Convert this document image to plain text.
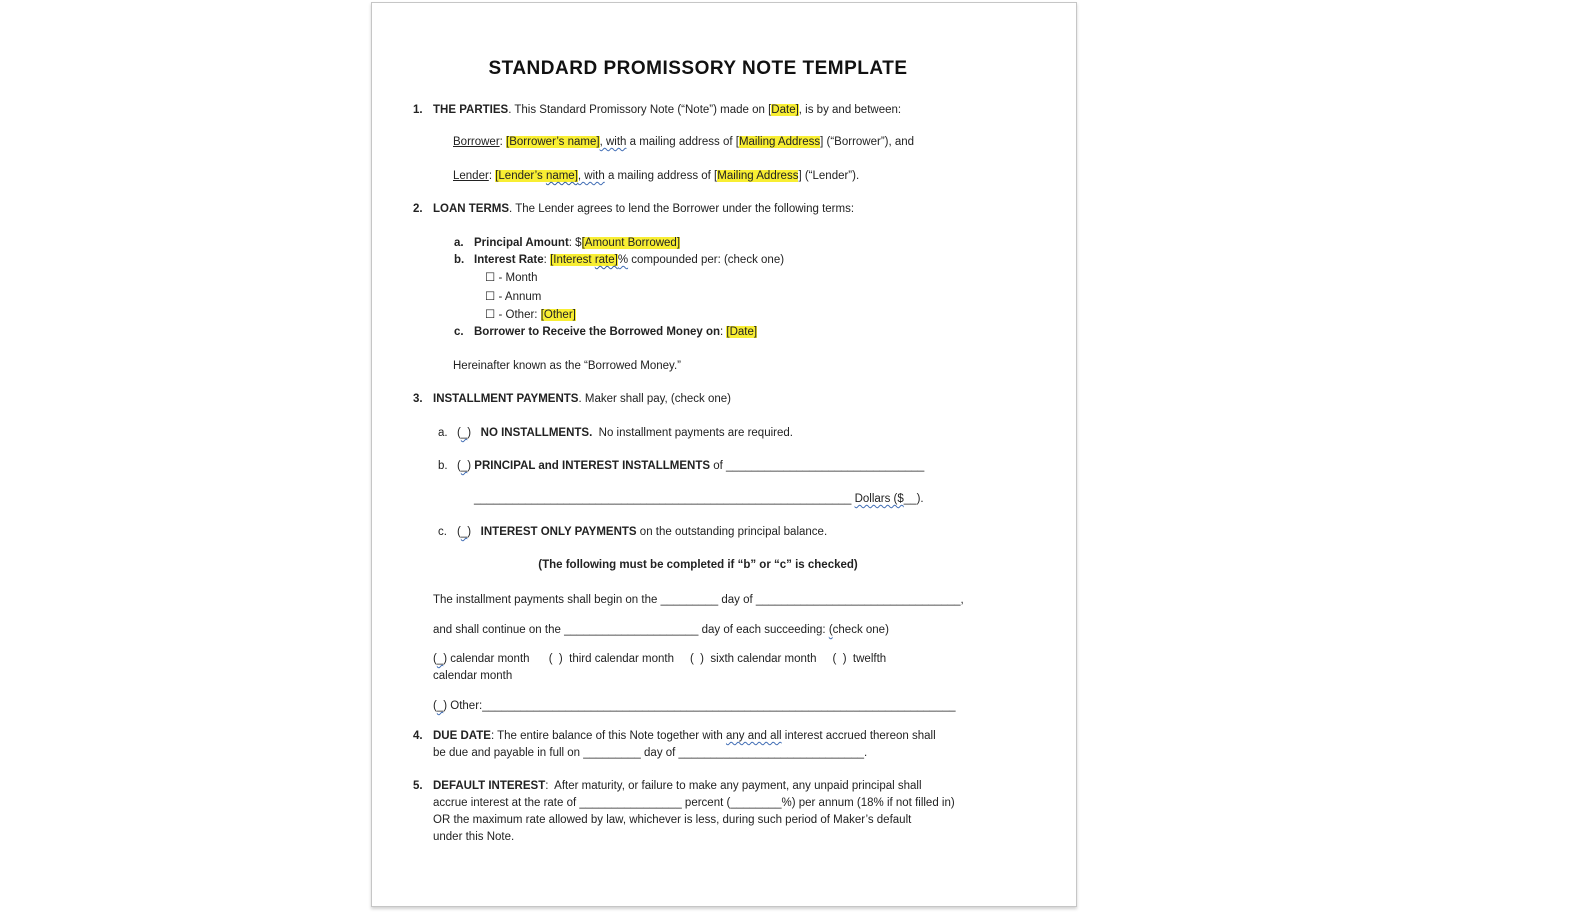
STANDARD PROMISSORY NOTE TEMPLATE
1. THE PARTIES. This Standard Promissory Note (“Note”) made on [Date], is by and between:
Borrower: [Borrower’s name], with a mailing address of [Mailing Address] (“Borrower”), and
Lender: [Lender’s name], with a mailing address of [Mailing Address] (“Lender”).
2. LOAN TERMS. The Lender agrees to lend the Borrower under the following terms:
a. Principal Amount: $[Amount Borrowed]
b. Interest Rate: [Interest rate]% compounded per: (check one)
☐ - Month
☐ - Annum
☐ - Other: [Other]
c. Borrower to Receive the Borrowed Money on: [Date]
Hereinafter known as the “Borrowed Money.”
3. INSTALLMENT PAYMENTS. Maker shall pay, (check one)
a. (_)   NO INSTALLMENTS.  No installment payments are required.
b. (_) PRINCIPAL and INTEREST INSTALLMENTS of _______________________________
___________________________________________________________ Dollars ($__).
c. (_)   INTEREST ONLY PAYMENTS on the outstanding principal balance.
(The following must be completed if “b” or “c” is checked)
The installment payments shall begin on the _________ day of ________________________________,
and shall continue on the _____________________ day of each succeeding: (check one)
(_) calendar month      (  )  third calendar month     (  )  sixth calendar month     (  )  twelfth
calendar month
(_) Other:__________________________________________________________________________
4. DUE DATE: The entire balance of this Note together with any and all interest accrued thereon shall
be due and payable in full on _________ day of _____________________________.
5. DEFAULT INTEREST:  After maturity, or failure to make any payment, any unpaid principal shall
accrue interest at the rate of ________________ percent (________%) per annum (18% if not filled in)
OR the maximum rate allowed by law, whichever is less, during such period of Maker’s default
under this Note.
